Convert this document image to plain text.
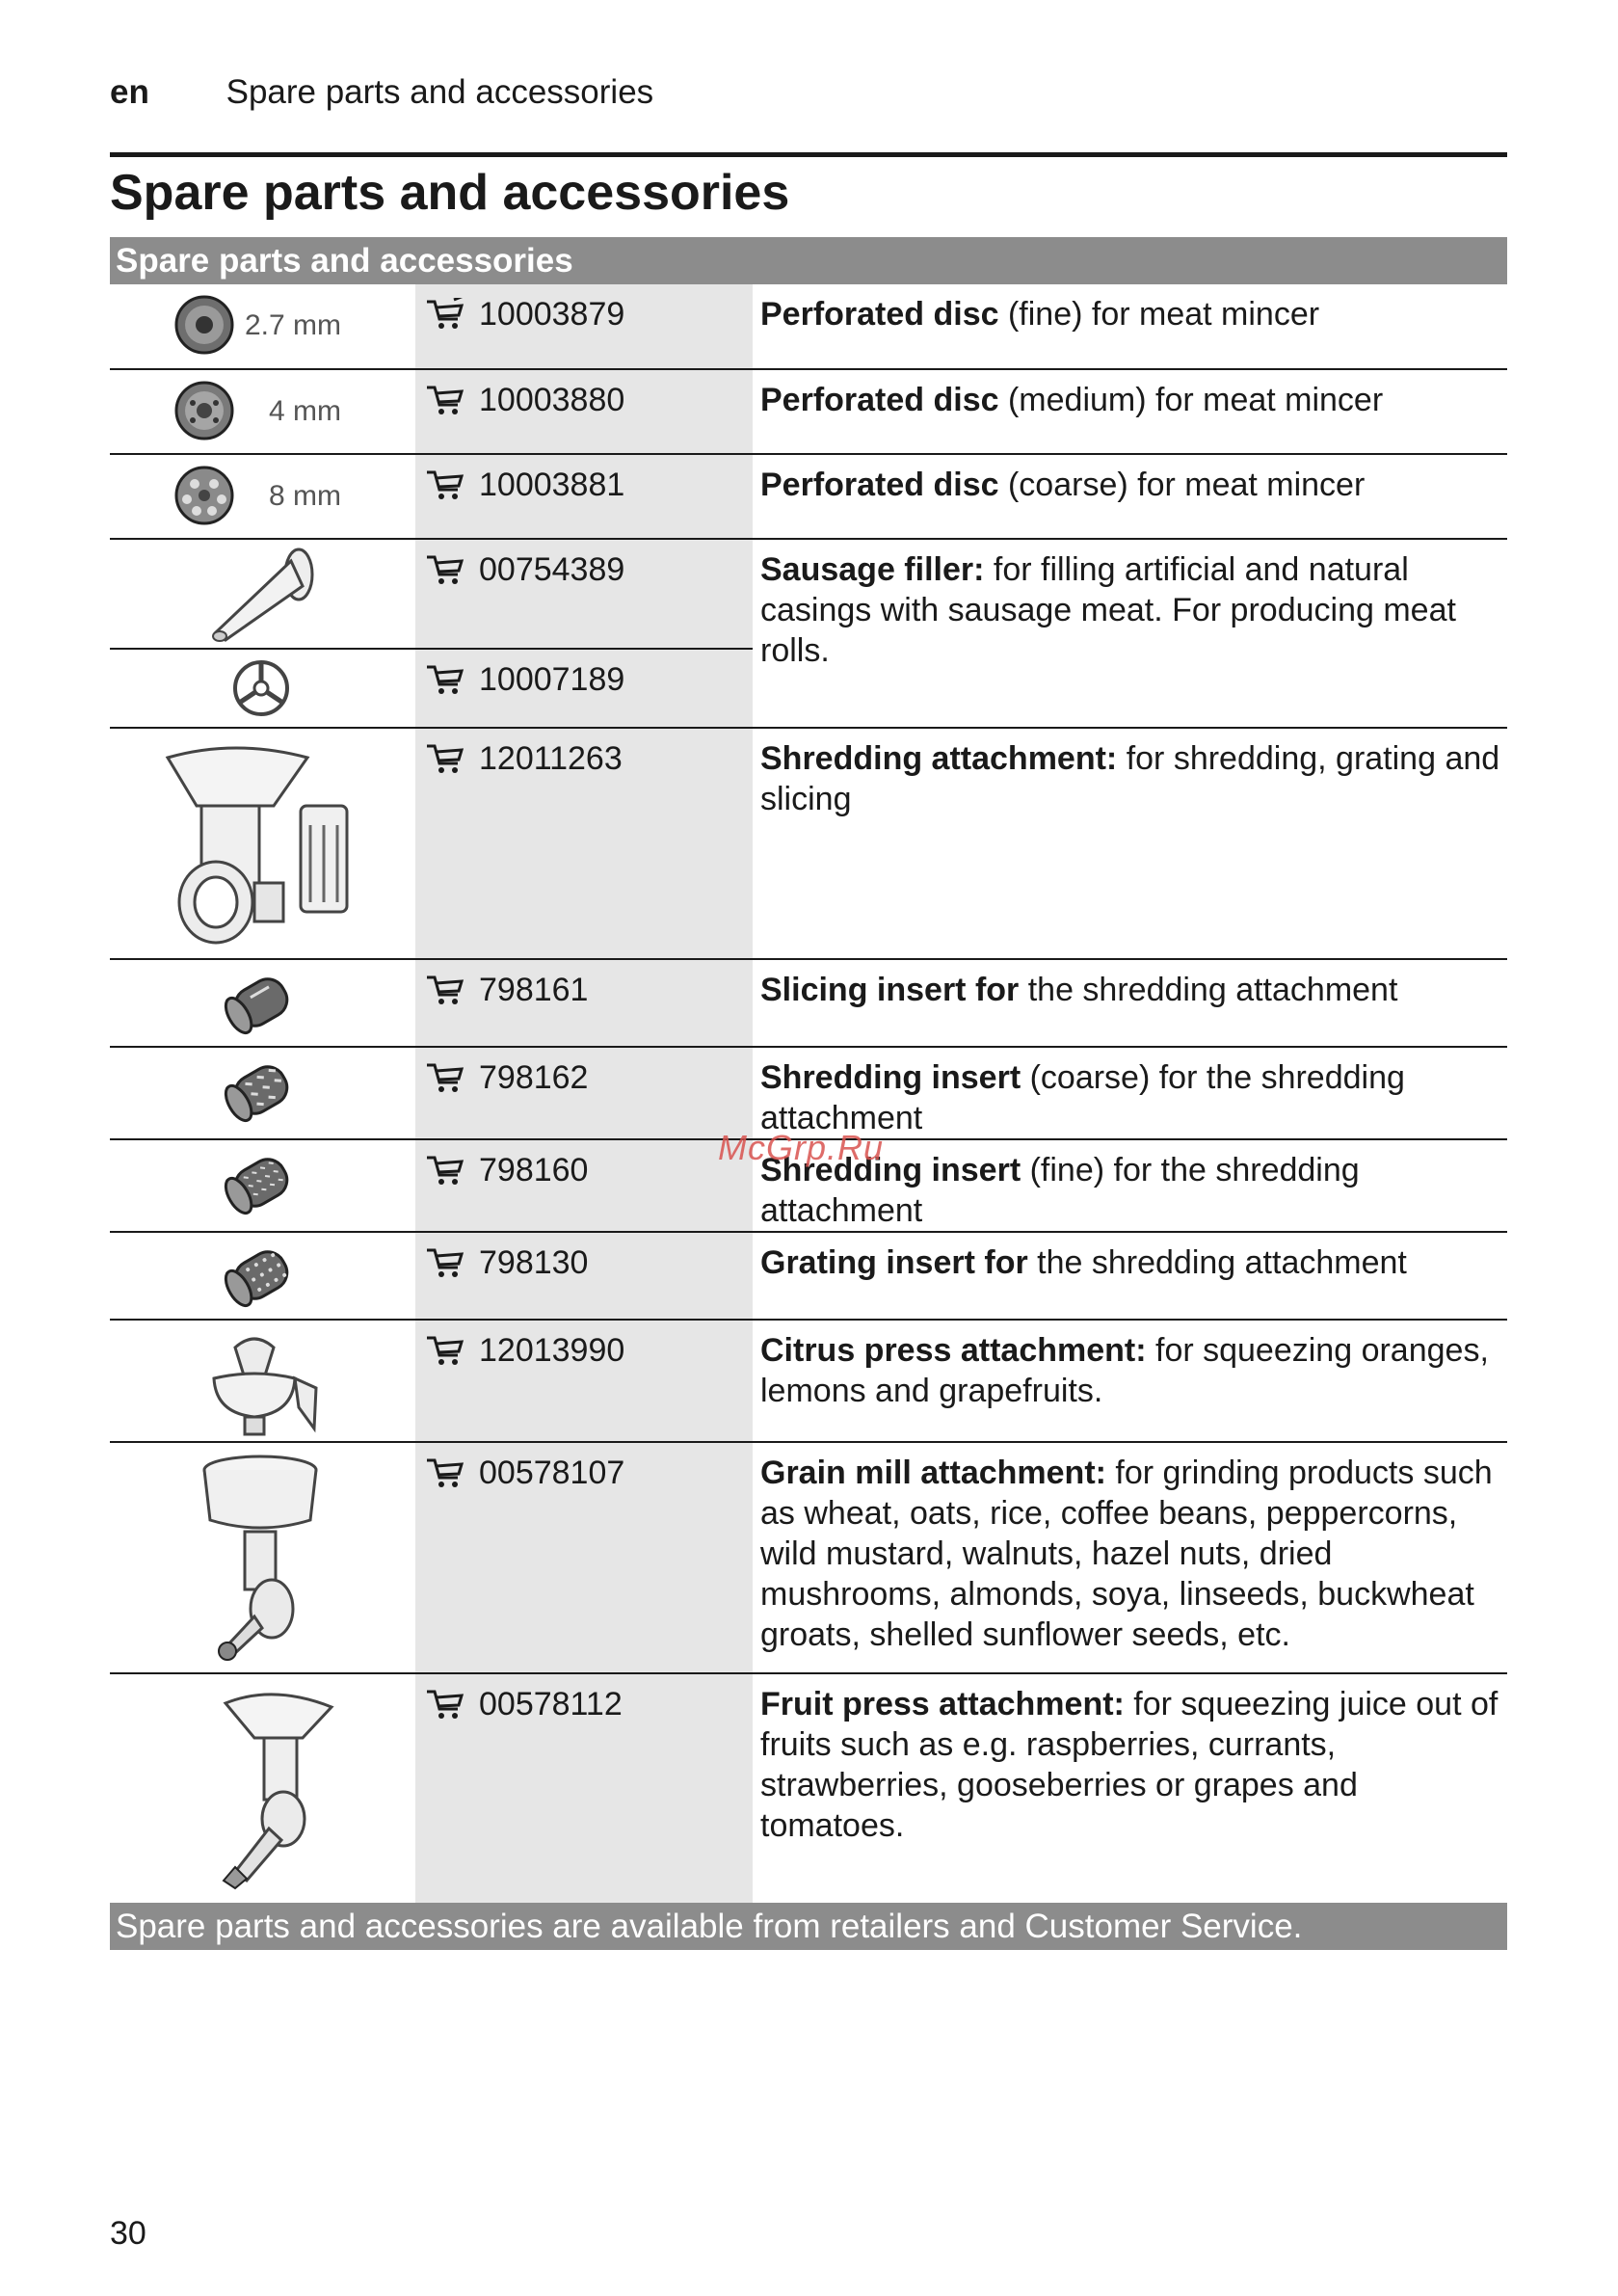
en Spare parts and accessories
Spare parts and accessories
Spare parts and accessories
2.7 mm	10003879	Perforated disc (fine) for meat mincer

4 mm	10003880	Perforated disc (medium) for meat mincer

8 mm	10003881	Perforated disc (coarse) for meat mincer

	00754389	Sausage filler: for filling artificial and natural casings with sausage meat. For producing meat rolls.

	10007189	

	12011263	Shredding attachment: for shredding, grating and slicing

	798161	Slicing insert for the shredding attachment

	798162	Shredding insert (coarse) for the shredding attachment

	798160	Shredding insert (fine) for the shredding attachment

	798130	Grating insert for the shredding attachment

	12013990	Citrus press attachment: for squeezing oranges, lemons and grapefruits.

	00578107	Grain mill attachment: for grinding products such as wheat, oats, rice, coffee beans, peppercorns, wild mustard, walnuts, hazel nuts, dried mushrooms, almonds, soya, linseeds, buckwheat groats, shelled sunflower seeds, etc.

	00578112	Fruit press attachment: for squeezing juice out of fruits such as e.g. raspberries, currants, strawberries, gooseberries or grapes and tomatoes.
Spare parts and accessories are available from retailers and Customer Service.
30
McGrp.Ru
